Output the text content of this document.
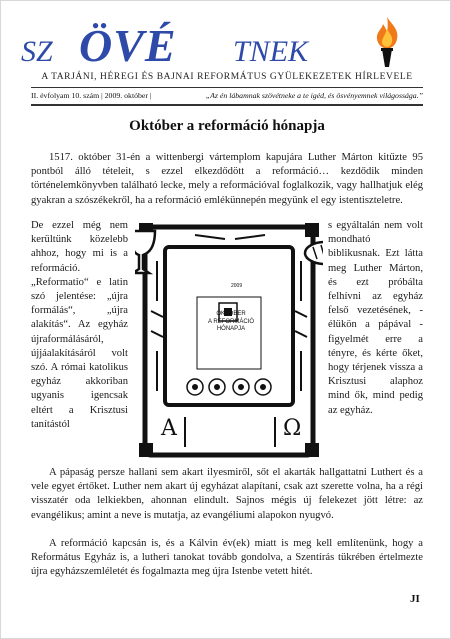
SZ ÖVÉ TNEK
A TARJÁNI, HÉREGI ÉS BAJNAI REFORMÁTUS GYÜLEKEZETEK HÍRLEVELE
II. évfolyam 10. szám | 2009. október |	„Az én lábamnak szövétneke a te igéd, és ösvényemnek világossága.”
Október a reformáció hónapja
1517. október 31-én a wittenbergi vártemplom kapujára Luther Márton kitűzte 95 pontból álló tételeit, s ezzel elkezdődött a reformáció… kezdődik minden történelemkönyvben található lecke, mely a reformációval foglalkozik, vagy hallhatjuk elég gyakran a szószékekről, ha a reformáció emlékünnepén megyünk el egy istentiszteletre.
De ezzel még nem kerültünk közelebb ahhoz, hogy mi is a reformáció. „Reformatio“ e latin szó jelentése: „újra formálás“, „újra alakítás“. Az egyház újraformálásáról, újjáalakításáról volt szó. A római katolikus egyház akkoriban ugyanis igencsak eltért a Krisztusi tanítástól
s egyáltalán nem volt mondható biblikusnak. Ezt látta meg Luther Márton, és ezt próbálta felhívni az egyház felső vezetésének, - élükön a pápával - figyelmét erre a tényre, és kérte őket, hogy térjenek vissza a Krisztusi alaphoz mind ők, mind pedig az egyház.
A	Ω
2009
OKTÓBER
A REFORMÁCIÓ
HÓNAPJA
A pápaság persze hallani sem akart ilyesmiről, sőt el akarták hallgattatni Luthert és a vele egyet értőket. Luther nem akart új egyházat alapítani, csak azt szerette volna, ha a régi visszatér oda lelkiekben, ahonnan elindult. Sajnos mégis új felekezet jött létre: az evangélikus; amint a neve is mutatja, az evangéliumi alapokon nyugvó.
A reformáció kapcsán is, és a Kálvin év(ek) miatt is meg kell említenünk, hogy a Református Egyház is, a lutheri tanokat tovább gondolva, a Szentírás tükrében értelmezte újra egyházszemléletét és fogalmazta meg újra Istenbe vetett hitét.
JI
